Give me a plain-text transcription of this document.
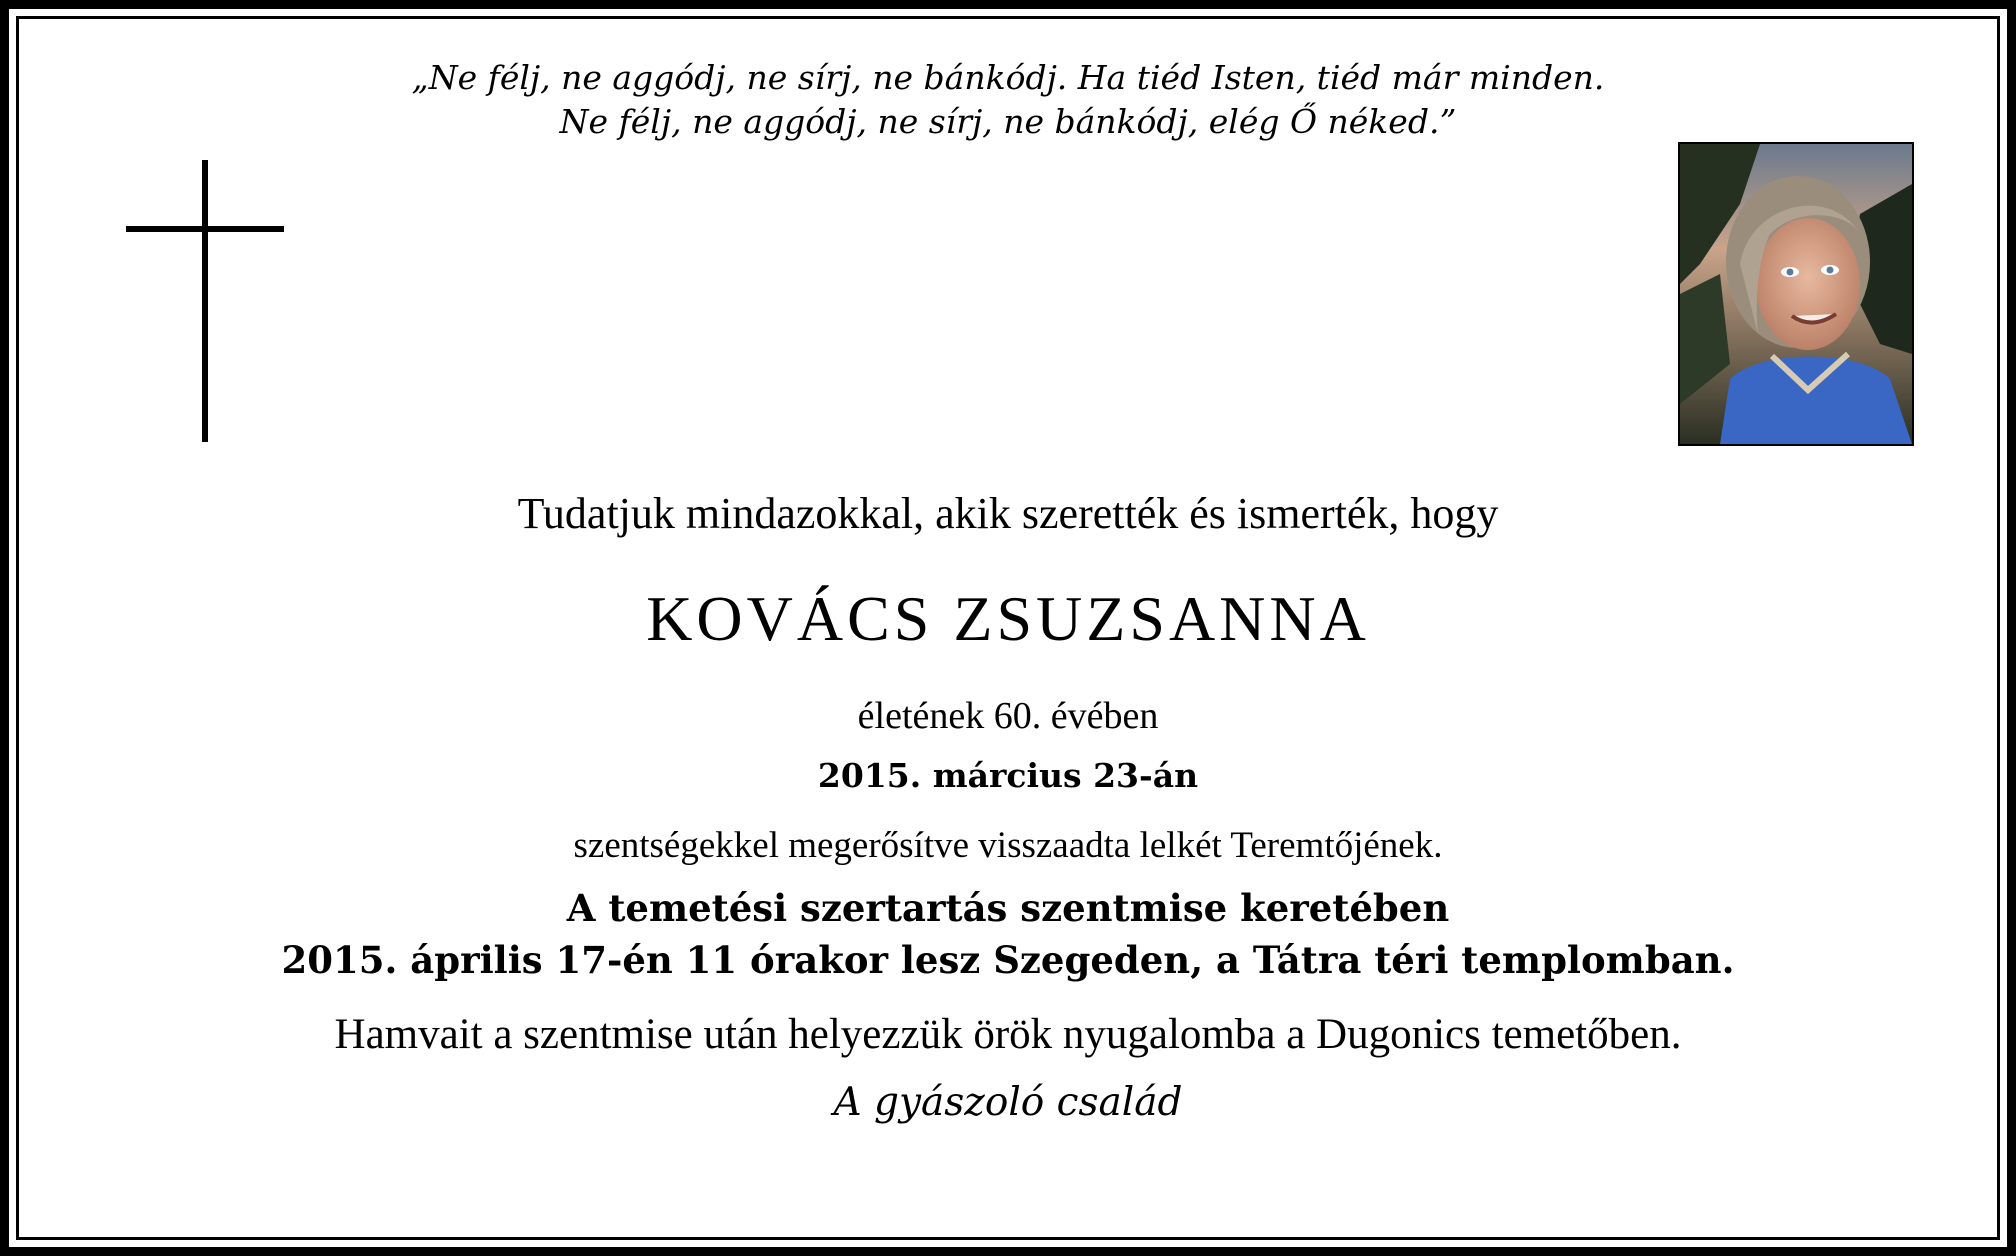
„Ne félj, ne aggódj, ne sírj, ne bánkódj. Ha tiéd Isten, tiéd már minden.
Ne félj, ne aggódj, ne sírj, ne bánkódj, elég Ő néked.”
Tudatjuk mindazokkal, akik szerették és ismerték, hogy
KOVÁCS ZSUZSANNA
életének 60. évében
2015. március 23-án
szentségekkel megerősítve visszaadta lelkét Teremtőjének.
A temetési szertartás szentmise keretében
2015. április 17-én 11 órakor lesz Szegeden, a Tátra téri templomban.
Hamvait a szentmise után helyezzük örök nyugalomba a Dugonics temetőben.
A gyászoló család
